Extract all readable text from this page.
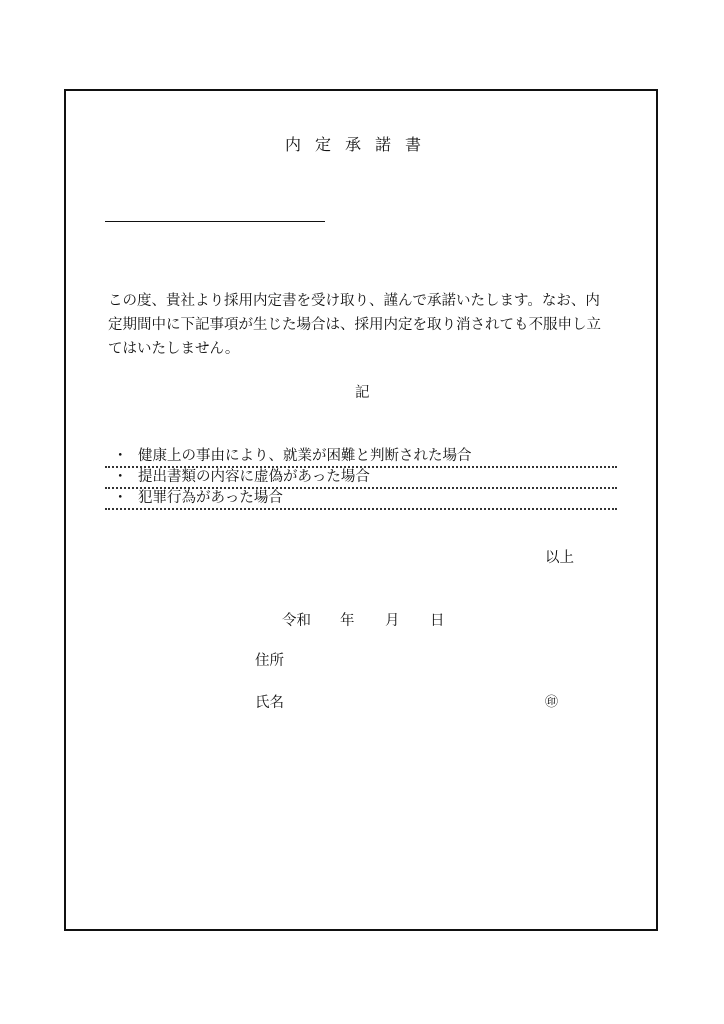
内定承諾書
この度、貴社より採用内定書を受け取り、謹んで承諾いたします。なお、内定期間中に下記事項が生じた場合は、採用内定を取り消されても不服申し立てはいたしません。
記
・ 健康上の事由により、就業が困難と判断された場合
・ 提出書類の内容に虚偽があった場合
・ 犯罪行為があった場合
以上
令和 年 月 日
住所
氏名	㊞
